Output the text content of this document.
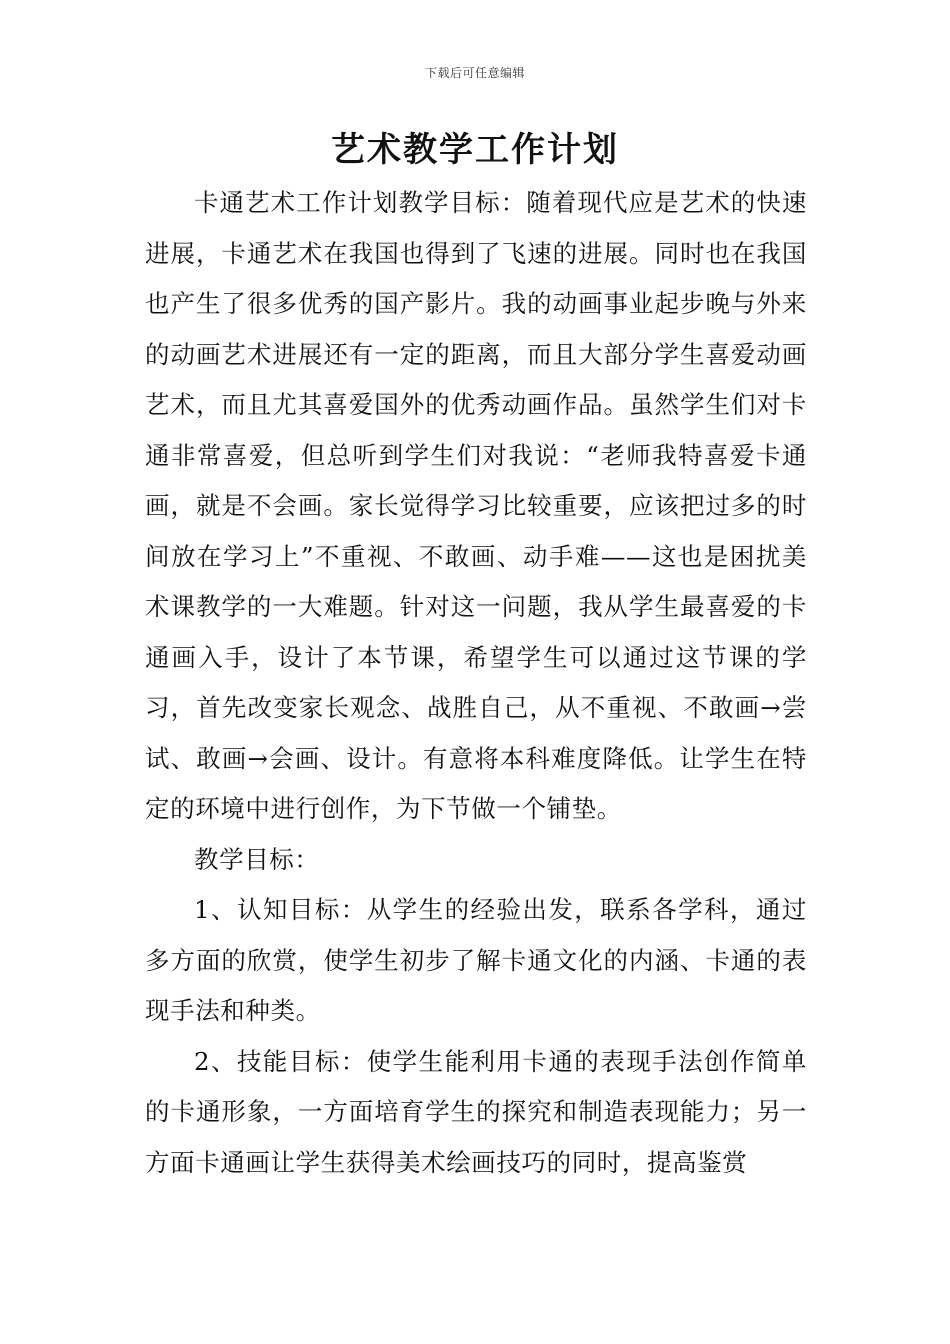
下载后可任意编辑
艺术教学工作计划

卡通艺术工作计划教学目标：随着现代应是艺术的快速进展，卡通艺术在我国也得到了飞速的进展。同时也在我国也产生了很多优秀的国产影片。我的动画事业起步晚与外来的动画艺术进展还有一定的距离，而且大部分学生喜爱动画艺术，而且尤其喜爱国外的优秀动画作品。虽然学生们对卡通非常喜爱，但总听到学生们对我说：“老师我特喜爱卡通画，就是不会画。家长觉得学习比较重要，应该把过多的时间放在学习上”不重视、不敢画、动手难——这也是困扰美术课教学的一大难题。针对这一问题，我从学生最喜爱的卡通画入手，设计了本节课，希望学生可以通过这节课的学习，首先改变家长观念、战胜自己，从不重视、不敢画→尝试、敢画→会画、设计。有意将本科难度降低。让学生在特定的环境中进行创作，为下节做一个铺垫。

教学目标：

1、认知目标：从学生的经验出发，联系各学科，通过多方面的欣赏，使学生初步了解卡通文化的内涵、卡通的表现手法和种类。

2、技能目标：使学生能利用卡通的表现手法创作简单的卡通形象，一方面培育学生的探究和制造表现能力；另一方面卡通画让学生获得美术绘画技巧的同时，提高鉴赏
